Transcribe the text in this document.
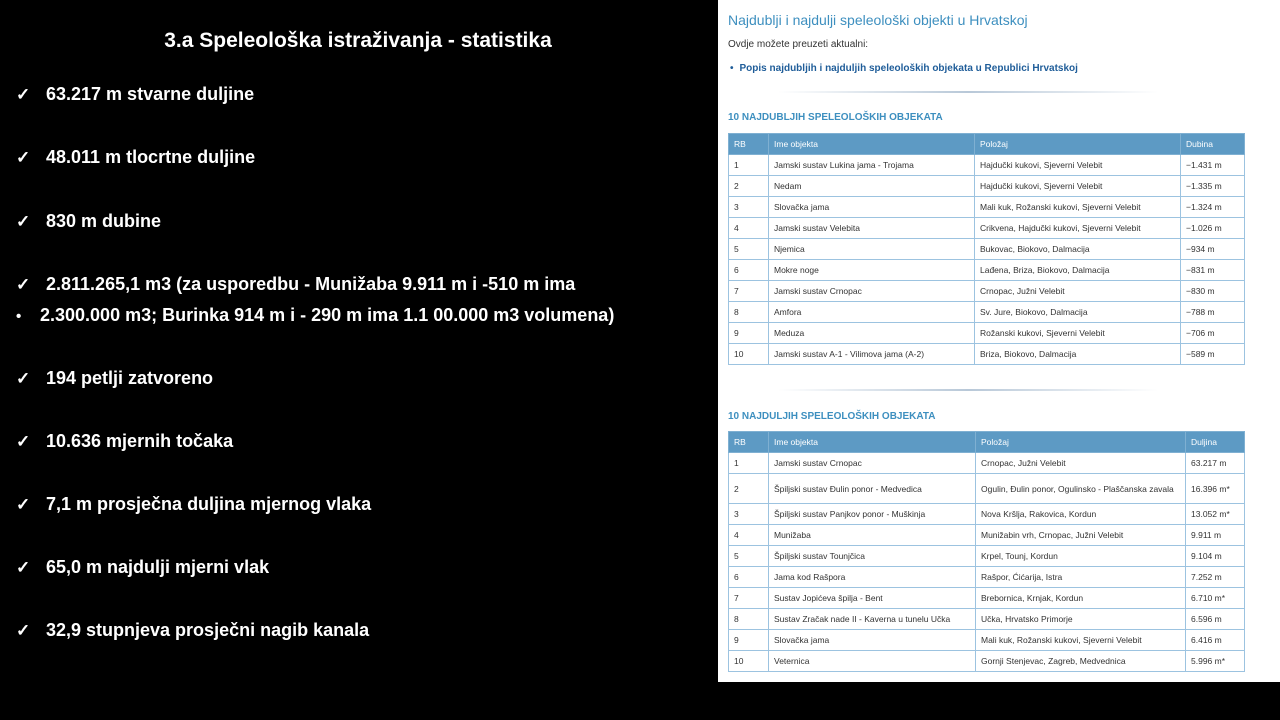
3.a Speleološka istraživanja - statistika
✓ 63.217 m stvarne duljine
✓ 48.011 m tlocrtne duljine
✓ 830 m dubine
✓ 2.811.265,1 m3 (za usporedbu - Munižaba 9.911 m i -510 m ima
• 2.300.000 m3; Burinka 914 m i - 290 m ima 1.1 00.000 m3 volumena)
✓ 194 petlji zatvoreno
✓ 10.636 mjernih točaka
✓ 7,1 m prosječna duljina mjernog vlaka
✓ 65,0 m najdulji mjerni vlak
✓ 32,9 stupnjeva prosječni nagib kanala
Najdublji i najdulji speleološki objekti u Hrvatskoj
Ovdje možete preuzeti aktualni:
• Popis najdubljih i najduljih speleoloških objekata u Republici Hrvatskoj
10 NAJDUBLJIH SPELEOLOŠKIH OBJEKATA
RB	Ime objekta	Položaj	Dubina
1	Jamski sustav Lukina jama - Trojama	Hajdučki kukovi, Sjeverni Velebit	−1.431 m
2	Nedam	Hajdučki kukovi, Sjeverni Velebit	−1.335 m
3	Slovačka jama	Mali kuk, Rožanski kukovi, Sjeverni Velebit	−1.324 m
4	Jamski sustav Velebita	Crikvena, Hajdučki kukovi, Sjeverni Velebit	−1.026 m
5	Njemica	Bukovac, Biokovo, Dalmacija	−934 m
6	Mokre noge	Lađena, Briza, Biokovo, Dalmacija	−831 m
7	Jamski sustav Crnopac	Crnopac, Južni Velebit	−830 m
8	Amfora	Sv. Jure, Biokovo, Dalmacija	−788 m
9	Meduza	Rožanski kukovi, Sjeverni Velebit	−706 m
10	Jamski sustav A-1 - Vilimova jama (A-2)	Briza, Biokovo, Dalmacija	−589 m
10 NAJDULJIH SPELEOLOŠKIH OBJEKATA
RB	Ime objekta	Položaj	Duljina
1	Jamski sustav Crnopac	Crnopac, Južni Velebit	63.217 m
2	Špiljski sustav Đulin ponor - Medvedica	Ogulin, Đulin ponor, Ogulinsko - Plaščanska zavala	16.396 m*
3	Špiljski sustav Panjkov ponor - Muškinja	Nova Kršlja, Rakovica, Kordun	13.052 m*
4	Munižaba	Munižabin vrh, Crnopac, Južni Velebit	9.911 m
5	Špiljski sustav Tounjčica	Krpel, Tounj, Kordun	9.104 m
6	Jama kod Rašpora	Rašpor, Ćićarija, Istra	7.252 m
7	Sustav Jopićeva špilja - Bent	Brebornica, Krnjak, Kordun	6.710 m*
8	Sustav Zračak nade II - Kaverna u tunelu Učka	Učka, Hrvatsko Primorje	6.596 m
9	Slovačka jama	Mali kuk, Rožanski kukovi, Sjeverni Velebit	6.416 m
10	Veternica	Gornji Stenjevac, Zagreb, Medvednica	5.996 m*
